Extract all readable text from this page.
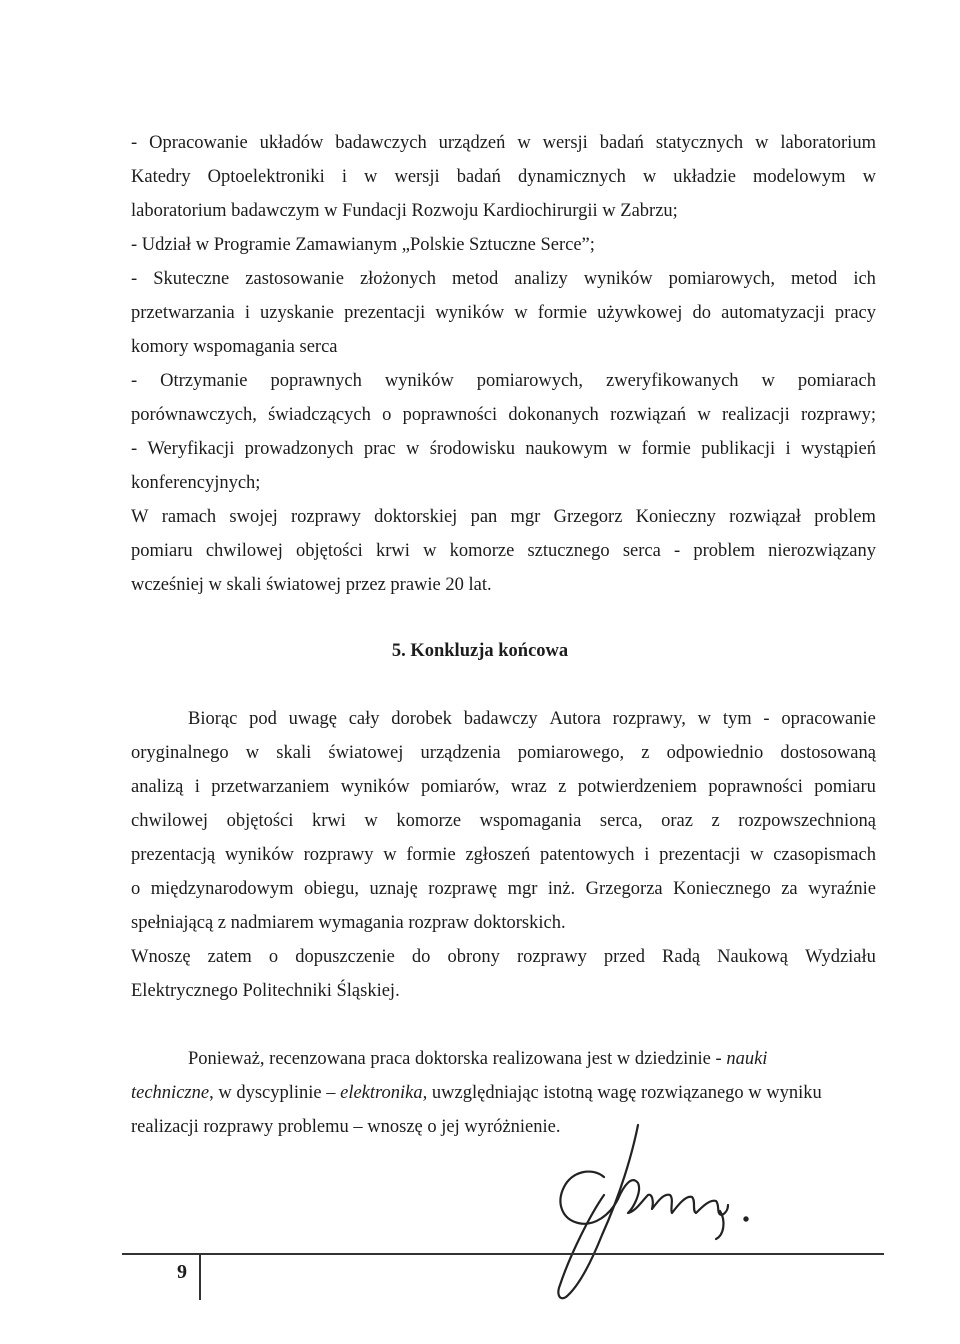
- Opracowanie układów badawczych urządzeń w wersji badań statycznych w laboratorium
Katedry Optoelektroniki i w wersji badań dynamicznych w układzie modelowym w
laboratorium badawczym w Fundacji Rozwoju Kardiochirurgii w Zabrzu;
- Udział w Programie Zamawianym „Polskie Sztuczne Serce”;
- Skuteczne zastosowanie złożonych metod analizy wyników pomiarowych, metod ich
przetwarzania i uzyskanie prezentacji wyników w formie używkowej do automatyzacji pracy
komory wspomagania serca
- Otrzymanie poprawnych wyników pomiarowych, zweryfikowanych w pomiarach
porównawczych, świadczących o poprawności dokonanych rozwiązań w realizacji rozprawy;
- Weryfikacji prowadzonych prac w środowisku naukowym w formie publikacji i wystąpień
konferencyjnych;
W ramach swojej rozprawy doktorskiej pan mgr Grzegorz Konieczny rozwiązał problem
pomiaru chwilowej objętości krwi w komorze sztucznego serca - problem nierozwiązany
wcześniej w skali światowej przez prawie 20 lat.
5. Konkluzja końcowa
Biorąc pod uwagę cały dorobek badawczy Autora rozprawy, w tym - opracowanie
oryginalnego w skali światowej urządzenia pomiarowego, z odpowiednio dostosowaną
analizą i przetwarzaniem wyników pomiarów, wraz z potwierdzeniem poprawności pomiaru
chwilowej objętości krwi w komorze wspomagania serca, oraz z rozpowszechnioną
prezentacją wyników rozprawy w formie zgłoszeń patentowych i prezentacji w czasopismach
o międzynarodowym obiegu, uznaję rozprawę mgr inż. Grzegorza Koniecznego za wyraźnie
spełniającą z nadmiarem wymagania rozpraw doktorskich.
Wnoszę zatem o dopuszczenie do obrony rozprawy przed Radą Naukową Wydziału
Elektrycznego Politechniki Śląskiej.
Ponieważ, recenzowana praca doktorska realizowana jest w dziedzinie - nauki
techniczne, w dyscyplinie – elektronika, uwzględniając istotną wagę rozwiązanego w wyniku
realizacji rozprawy problemu – wnoszę o jej wyróżnienie.
9
